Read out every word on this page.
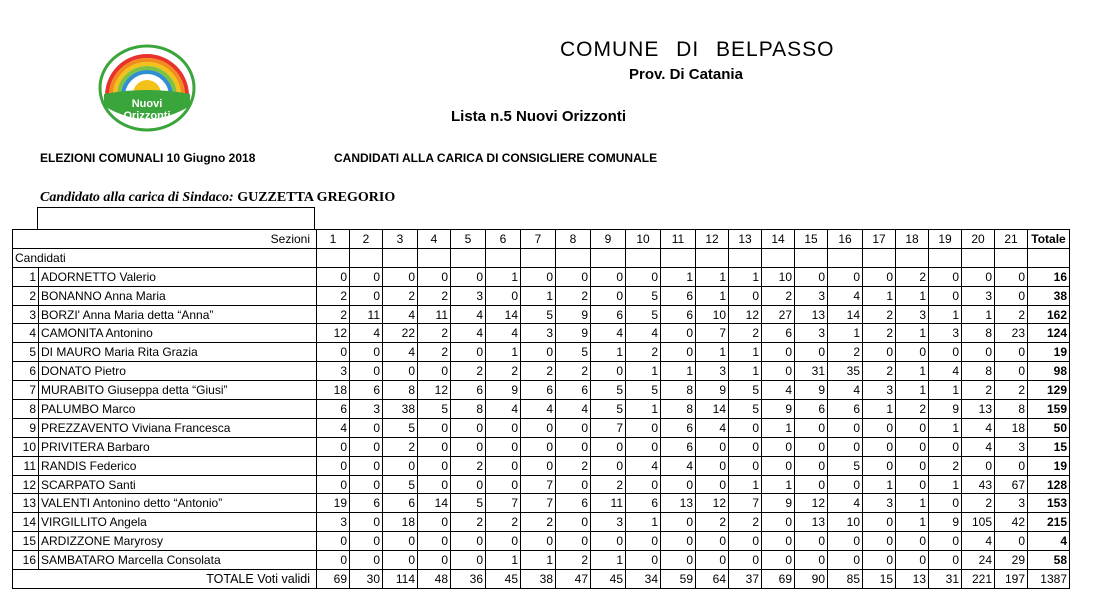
Nuovi
Orizzonti
COMUNE DI BELPASSO
Prov. Di Catania
Lista n.5 Nuovi Orizzonti
ELEZIONI COMUNALI 10 Giugno 2018	CANDIDATI ALLA CARICA DI CONSIGLIERE COMUNALE
Candidato alla carica di Sindaco: GUZZETTA GREGORIO
Sezioni		1	2	3	4	5	6	7	8	9	10	11	12	13	14	15	16	17	18	19	20	21	Totale
Candidati																							
1	ADORNETTO Valerio	0	0	0	0	0	1	0	0	0	0	1	1	1	10	0	0	0	2	0	0	0	16
2	BONANNO Anna Maria	2	0	2	2	3	0	1	2	0	5	6	1	0	2	3	4	1	1	0	3	0	38
3	BORZI' Anna Maria detta “Anna”	2	11	4	11	4	14	5	9	6	5	6	10	12	27	13	14	2	3	1	1	2	162
4	CAMONITA Antonino	12	4	22	2	4	4	3	9	4	4	0	7	2	6	3	1	2	1	3	8	23	124
5	DI MAURO Maria Rita Grazia	0	0	4	2	0	1	0	5	1	2	0	1	1	0	0	2	0	0	0	0	0	19
6	DONATO Pietro	3	0	0	0	2	2	2	2	0	1	1	3	1	0	31	35	2	1	4	8	0	98
7	MURABITO Giuseppa detta “Giusi”	18	6	8	12	6	9	6	6	5	5	8	9	5	4	9	4	3	1	1	2	2	129
8	PALUMBO Marco	6	3	38	5	8	4	4	4	5	1	8	14	5	9	6	6	1	2	9	13	8	159
9	PREZZAVENTO Viviana Francesca	4	0	5	0	0	0	0	0	7	0	6	4	0	1	0	0	0	0	1	4	18	50
10	PRIVITERA Barbaro	0	0	2	0	0	0	0	0	0	0	6	0	0	0	0	0	0	0	0	4	3	15
11	RANDIS Federico	0	0	0	0	2	0	0	2	0	4	4	0	0	0	0	5	0	0	2	0	0	19
12	SCARPATO Santi	0	0	5	0	0	0	7	0	2	0	0	0	1	1	0	0	1	0	1	43	67	128
13	VALENTI Antonino detto “Antonio”	19	6	6	14	5	7	7	6	11	6	13	12	7	9	12	4	3	1	0	2	3	153
14	VIRGILLITO Angela	3	0	18	0	2	2	2	0	3	1	0	2	2	0	13	10	0	1	9	105	42	215
15	ARDIZZONE Maryrosy	0	0	0	0	0	0	0	0	0	0	0	0	0	0	0	0	0	0	0	4	0	4
16	SAMBATARO Marcella Consolata	0	0	0	0	0	1	1	2	1	0	0	0	0	0	0	0	0	0	0	24	29	58
TOTALE Voti validi		69	30	114	48	36	45	38	47	45	34	59	64	37	69	90	85	15	13	31	221	197	1387
